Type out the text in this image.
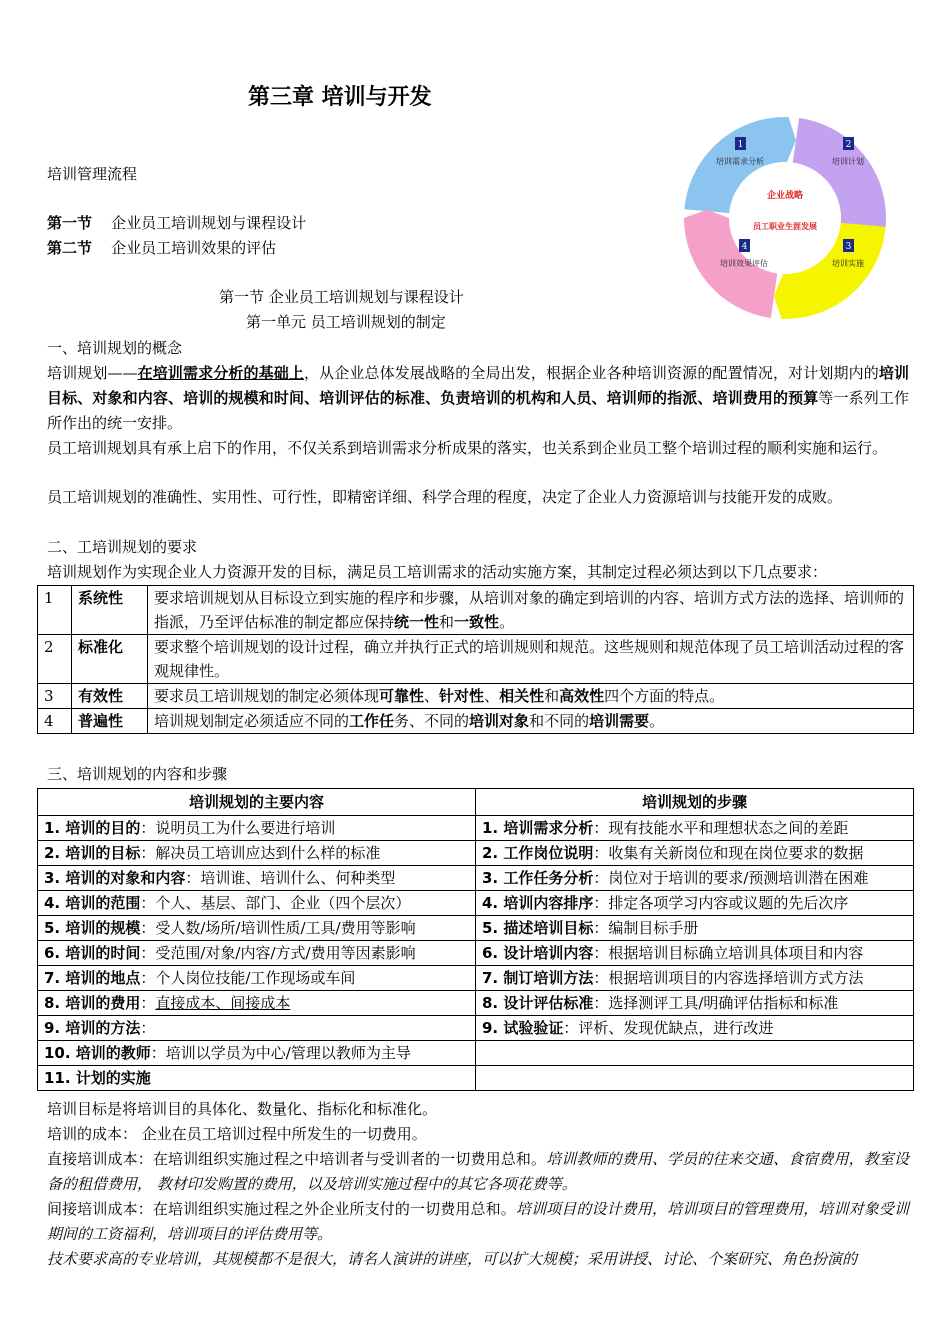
第三章 培训与开发
培训管理流程
第一节 企业员工培训规划与课程设计
第二节 企业员工培训效果的评估
企业战略
员工职业生涯发展
1
培训需求分析
2
培训计划
3
培训实施
4
培训效果评估
第一节 企业员工培训规划与课程设计
第一单元 员工培训规划的制定
一、培训规划的概念
培训规划——在培训需求分析的基础上，从企业总体发展战略的全局出发，根据企业各种培训资源的配置情况，对计划期内的培训目标、对象和内容、培训的规模和时间、培训评估的标准、负责培训的机构和人员、培训师的指派、培训费用的预算等一系列工作所作出的统一安排。
员工培训规划具有承上启下的作用，不仅关系到培训需求分析成果的落实，也关系到企业员工整个培训过程的顺利实施和运行。
员工培训规划的准确性、实用性、可行性，即精密详细、科学合理的程度，决定了企业人力资源培训与技能开发的成败。
二、工培训规划的要求
培训规划作为实现企业人力资源开发的目标，满足员工培训需求的活动实施方案，其制定过程必须达到以下几点要求：
1	系统性	要求培训规划从目标设立到实施的程序和步骤，从培训对象的确定到培训的内容、培训方式方法的选择、培训师的指派，乃至评估标准的制定都应保持统一性和一致性。
2	标准化	要求整个培训规划的设计过程，确立并执行正式的培训规则和规范。这些规则和规范体现了员工培训活动过程的客观规律性。
3	有效性	要求员工培训规划的制定必须体现可靠性、针对性、相关性和高效性四个方面的特点。
4	普遍性	培训规划制定必须适应不同的工作任务、不同的培训对象和不同的培训需要。
三、培训规划的内容和步骤
培训规划的主要内容	培训规划的步骤
1. 培训的目的：说明员工为什么要进行培训	1. 培训需求分析：现有技能水平和理想状态之间的差距
2. 培训的目标：解决员工培训应达到什么样的标准	2. 工作岗位说明：收集有关新岗位和现在岗位要求的数据
3. 培训的对象和内容：培训谁、培训什么、何种类型	3. 工作任务分析：岗位对于培训的要求/预测培训潜在困难
4. 培训的范围：个人、基层、部门、企业（四个层次）	4. 培训内容排序：排定各项学习内容或议题的先后次序
5. 培训的规模：受人数/场所/培训性质/工具/费用等影响	5. 描述培训目标：编制目标手册
6. 培训的时间：受范围/对象/内容/方式/费用等因素影响	6. 设计培训内容：根据培训目标确立培训具体项目和内容
7. 培训的地点：个人岗位技能/工作现场或车间	7. 制订培训方法：根据培训项目的内容选择培训方式方法
8. 培训的费用：直接成本、间接成本	8. 设计评估标准：选择测评工具/明确评估指标和标准
9. 培训的方法：	9. 试验验证：评析、发现优缺点，进行改进
10. 培训的教师：培训以学员为中心/管理以教师为主导	
11. 计划的实施	
培训目标是将培训目的具体化、数量化、指标化和标准化。
培训的成本： 企业在员工培训过程中所发生的一切费用。
直接培训成本：在培训组织实施过程之中培训者与受训者的一切费用总和。培训教师的费用、学员的往来交通、食宿费用，教室设备的租借费用， 教材印发购置的费用，以及培训实施过程中的其它各项花费等。
间接培训成本：在培训组织实施过程之外企业所支付的一切费用总和。培训项目的设计费用，培训项目的管理费用，培训对象受训期间的工资福利，培训项目的评估费用等。
技术要求高的专业培训，其规模都不是很大，请名人演讲的讲座，可以扩大规模；采用讲授、讨论、个案研究、角色扮演的
